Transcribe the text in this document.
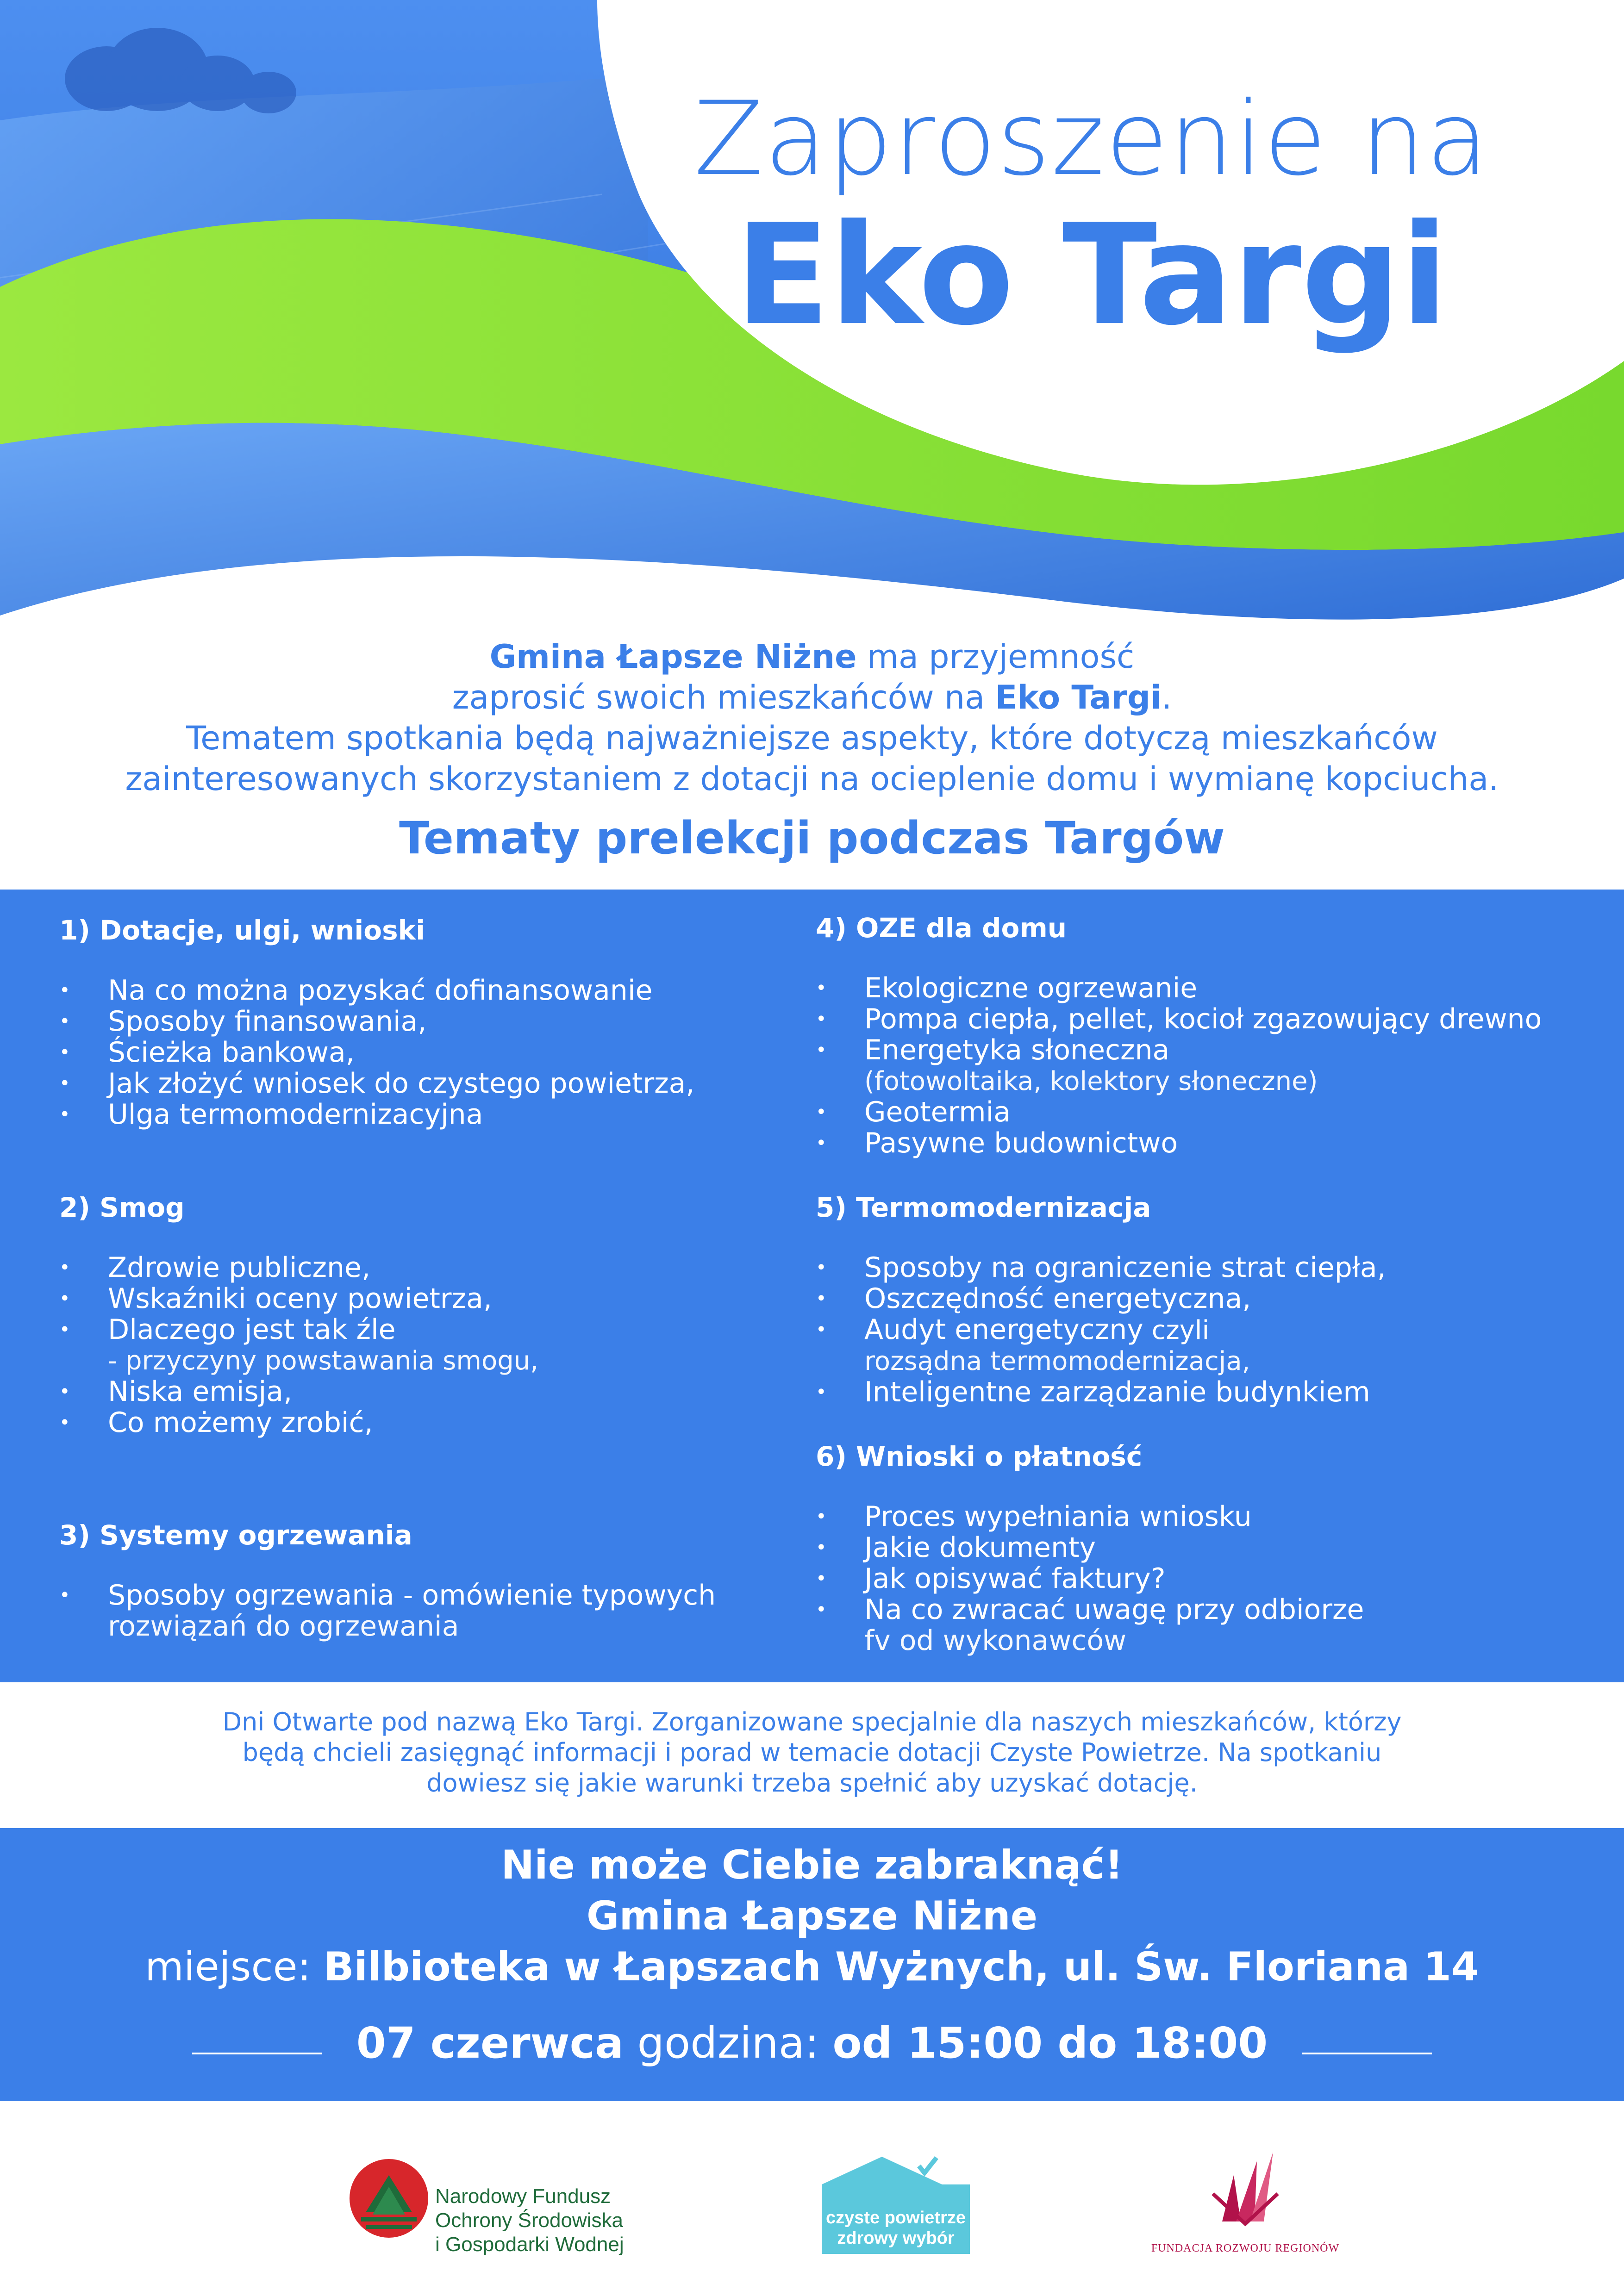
Zaproszenie na
Eko Targi
Gmina Łapsze Niżne ma przyjemność
zaprosić swoich mieszkańców na Eko Targi.
Tematem spotkania będą najważniejsze aspekty, które dotyczą mieszkańców
zainteresowanych skorzystaniem z dotacji na ocieplenie domu i wymianę kopciucha.
Tematy prelekcji podczas Targów
1) Dotacje, ulgi, wnioski
• Na co można pozyskać dofinansowanie
• Sposoby finansowania,
• Ścieżka bankowa,
• Jak złożyć wniosek do czystego powietrza,
• Ulga termomodernizacyjna
2) Smog
• Zdrowie publiczne,
• Wskaźniki oceny powietrza,
• Dlaczego jest tak źle
- przyczyny powstawania smogu,
• Niska emisja,
• Co możemy zrobić,
3) Systemy ogrzewania
• Sposoby ogrzewania - omówienie typowych
rozwiązań do ogrzewania
4) OZE dla domu
• Ekologiczne ogrzewanie
• Pompa ciepła, pellet, kocioł zgazowujący drewno
• Energetyka słoneczna
(fotowoltaika, kolektory słoneczne)
• Geotermia
• Pasywne budownictwo
5) Termomodernizacja
• Sposoby na ograniczenie strat ciepła,
• Oszczędność energetyczna,
• Audyt energetyczny czyli
rozsądna termomodernizacja,
• Inteligentne zarządzanie budynkiem
6) Wnioski o płatność
• Proces wypełniania wniosku
• Jakie dokumenty
• Jak opisywać faktury?
• Na co zwracać uwagę przy odbiorze
fv od wykonawców
Dni Otwarte pod nazwą Eko Targi. Zorganizowane specjalnie dla naszych mieszkańców, którzy
będą chcieli zasięgnąć informacji i porad w temacie dotacji Czyste Powietrze. Na spotkaniu
dowiesz się jakie warunki trzeba spełnić aby uzyskać dotację.
Nie może Ciebie zabraknąć!
Gmina Łapsze Niżne
miejsce: Bilbioteka w Łapszach Wyżnych, ul. Św. Floriana 14
07 czerwca godzina: od 15:00 do 18:00
Narodowy Fundusz
Ochrony Środowiska
i Gospodarki Wodnej
czyste powietrze
zdrowy wybór
FUNDACJA ROZWOJU REGIONÓW
